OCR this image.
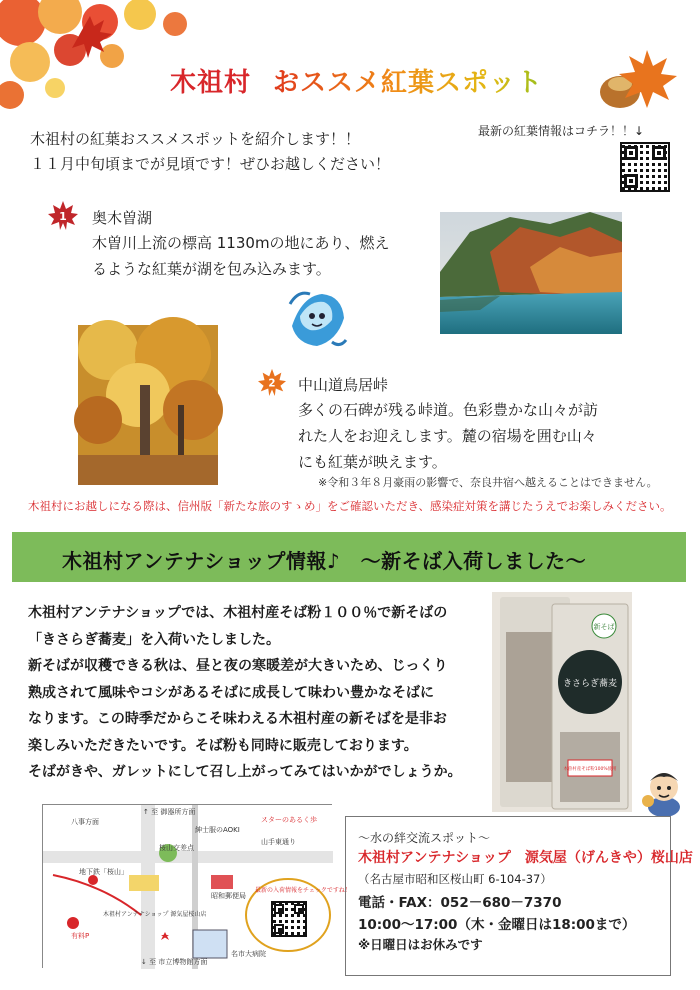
木祖村 おススメ紅葉スポット
木祖村の紅葉おススメスポットを紹介します！！
１１月中旬頃までが見頃です！ぜひお越しください！
最新の紅葉情報はコチラ！！↓
1 奥木曽湖
木曽川上流の標高 1130mの地にあり、燃え
るような紅葉が湖を包み込みます。
2 中山道鳥居峠
多くの石碑が残る峠道。色彩豊かな山々が訪
れた人をお迎えします。麓の宿場を囲む山々
にも紅葉が映えます。
※令和３年８月豪雨の影響で、奈良井宿へ越えることはできません。
木祖村にお越しになる際は、信州版「新たな旅のすゝめ」をご確認いただき、感染症対策を講じたうえでお楽しみください。
木祖村アンテナショップ情報♪　～新そば入荷しました～
木祖村アンテナショップでは、木祖村産そば粉１００％で新そばの
「きさらぎ蕎麦」を入荷いたしました。
新そばが収穫できる秋は、昼と夜の寒暖差が大きいため、じっくり
熟成されて風味やコシがあるそばに成長して味わい豊かなそばに
なります。この時季だからこそ味わえる木祖村産の新そばを是非お
楽しみいただきたいです。そば粉も同時に販売しております。
そばがきや、ガレットにして召し上がってみてはいかがでしょうか。
新そば
きさらぎ蕎麦
木曽村産そば粉100%使用
↑ 至 御器所方面
↓ 至 市立博物館方面
八事方面
桜山交差点
紳士服のAOKI
スターのあるく歩
山手東通り
昭和郵便局
有料P
木祖村アンテナショップ 源気屋桜山店
名市大病院
地下鉄「桜山」
最新の入荷情報をチェックですね！
～水の絆交流スポット～
木祖村アンテナショップ　源気屋（げんきや）桜山店
（名古屋市昭和区桜山町 6-104-37）
電話・FAX：052－680－7370
10:00～17:00（木・金曜日は18:00まで）
※日曜日はお休みです
